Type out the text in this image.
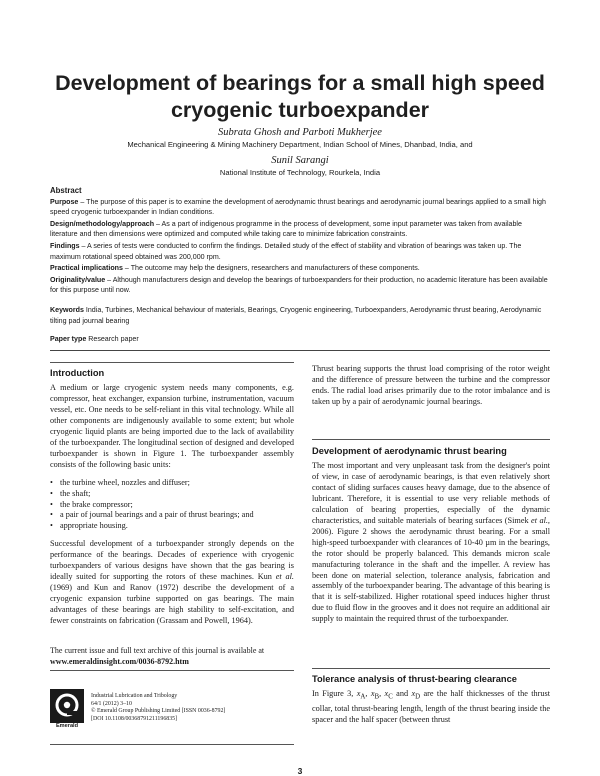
Development of bearings for a small high speed
cryogenic turboexpander
Subrata Ghosh and Parboti Mukherjee
Mechanical Engineering & Mining Machinery Department, Indian School of Mines, Dhanbad, India, and
Sunil Sarangi
National Institute of Technology, Rourkela, India
Abstract

Purpose – The purpose of this paper is to examine the development of aerodynamic thrust bearings and aerodynamic journal bearings applied to a small high speed cryogenic turboexpander in Indian conditions.

Design/methodology/approach – As a part of indigenous programme in the process of development, some input parameter was taken from available literature and then dimensions were optimized and computed while taking care to minimize fabrication constraints.

Findings – A series of tests were conducted to confirm the findings. Detailed study of the effect of stability and vibration of bearings was taken up. The maximum rotational speed obtained was 200,000 rpm.

Practical implications – The outcome may help the designers, researchers and manufacturers of these components.

Originality/value – Although manufacturers design and develop the bearings of turboexpanders for their production, no academic literature has been available for this purpose until now.

Keywords India, Turbines, Mechanical behaviour of materials, Bearings, Cryogenic engineering, Turboexpanders, Aerodynamic thrust bearing, Aerodynamic tilting pad journal bearing
Paper type Research paper
Introduction

A medium or large cryogenic system needs many components, e.g. compressor, heat exchanger, expansion turbine, instrumentation, vacuum vessel, etc. One needs to be self-reliant in this vital technology. While all other components are indigenously available to some extent; but whole cryogenic liquid plants are being imported due to the lack of availability of the turboexpander. The longitudinal section of designed and developed turboexpander is shown in Figure 1. The turboexpander assembly consists of the following basic units:

• the turbine wheel, nozzles and diffuser;
• the shaft;
• the brake compressor;
• a pair of journal bearings and a pair of thrust bearings; and
• appropriate housing.

Successful development of a turboexpander strongly depends on the performance of the bearings. Decades of experience with cryogenic turboexpanders of various designs have shown that the gas bearing is ideally suited for supporting the rotors of these machines. Kun et al. (1969) and Kun and Ranov (1972) describe the development of a cryogenic expansion turbine supported on gas bearings. The main advantages of these bearings are high stability to self-excitation, and fewer constraints on fabrication (Grassam and Powell, 1964).

The current issue and full text archive of this journal is available at
www.emeraldinsight.com/0036-8792.htm
Emerald
Industrial Lubrication and Tribology
64/1 (2012) 3–10
© Emerald Group Publishing Limited [ISSN 0036-8792]
[DOI 10.1108/00368791211196835]
Thrust bearing supports the thrust load comprising of the rotor weight and the difference of pressure between the turbine and the compressor ends. The radial load arises primarily due to the rotor imbalance and is taken up by a pair of aerodynamic journal bearings.
Development of aerodynamic thrust bearing

The most important and very unpleasant task from the designer's point of view, in case of aerodynamic bearings, is that even relatively short contact of sliding surfaces causes heavy damage, due to the absence of lubricant. Therefore, it is essential to use very reliable methods of calculation of bearing properties, especially of the dynamic characteristics, and suitable materials of bearing surfaces (Simek et al., 2006). Figure 2 shows the aerodynamic thrust bearing. For a small high-speed turboexpander with clearances of 10-40 µm in the bearings, the rotor should be properly balanced. This demands micron scale manufacturing tolerance in the shaft and the impeller. A review has been done on material selection, tolerance analysis, fabrication and assembly of the turboexpander bearing. The advantage of this bearing is that it is self-stabilized. Higher rotational speed induces higher thrust due to fluid flow in the grooves and it does not require an additional air supply to maintain the required thrust of the turboexpander.

Tolerance analysis of thrust-bearing clearance
In Figure 3, $x_A$, $x_B$, $x_C$ and $x_D$ are the half thicknesses of the thrust collar, total thrust-bearing length, length of the thrust bearing inside the spacer and the half spacer (between thrust
3
